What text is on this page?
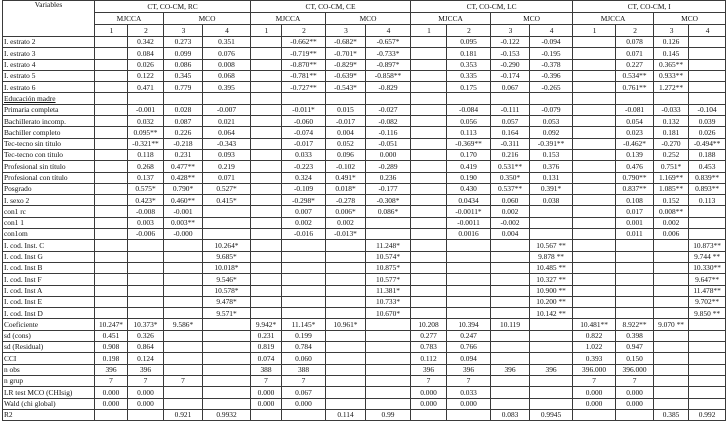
Variables	CT, CO-CM, RC				CT, CO-CM, CE				CT, CO-CM, LC				CT, CO-CM, I			
	MJCCA		MCO		MJCCA		MCO		MJCCA		MCO		MJCCA		MCO	
	1	2	3	4	1	2	3	4	1	2	3	4	1	2	3	4
I. estrato 2		0.342	0.273	0.351		-0.662**	-0.682*	-0.657*		0.095	-0.122	-0.094		0.078	0.126	
I. estrato 3		0.084	0.099	0.076		-0.719**	-0.701*	-0.733*		0.181	-0.153	-0.195		0.071	0.145	
I. estrato 4		0.026	0.086	0.008		-0.870**	-0.829*	-0.897*		0.353	-0.290	-0.378		0.227	0.365**	
I. estrato 5		0.122	0.345	0.068		-0.781**	-0.639*	-0.858**		0.335	-0.174	-0.396		0.534**	0.933**	
I. estrato 6		0.471	0.779	0.395		-0.727**	-0.543*	-0.829		0.175	0.067	-0.265		0.761**	1.272**	
Educación madre																
Primaria completa		-0.001	0.028	-0.007		-0.011*	0.015	-0.027		-0.084	-0.111	-0.079		-0.081	-0.033	-0.104
Bachillerato incomp.		0.032	0.087	0.021		-0.060	-0.017	-0.082		0.056	0.057	0.053		0.054	0.132	0.039
Bachiller completo		0.095**	0.226	0.064		-0.074	0.004	-0.116		0.113	0.164	0.092		0.023	0.181	0.026
Tec-tecno sin titulo		-0.321**	-0.218	-0.343		-0.017	0.052	-0.051		-0.369**	-0.311	-0.391**		-0.462*	-0.270	-0.494**
Tec-tecno con titulo		0.118	0.231	0.093		0.033	0.096	0.000		0.170	0.216	0.153		0.139	0.252	0.188
Profesional sin título		0.268	0.477**	0.219		-0.223	-0.102	-0.289		0.419	0.531**	0.376		0.476	0.751*	0.453
Profesional con título		0.137	0.428**	0.071		0.324	0.491*	0.236		0.190	0.350*	0.131		0.790**	1.169**	0.839**
Posgrado		0.575*	0.790*	0.527*		-0.109	0.018*	-0.177		0.430	0.537**	0.391*		0.837**	1.085**	0.893**
I. sexo 2		0.423*	0.460**	0.415*		-0.298*	-0.278	-0.308*		0.0434	0.060	0.038		0.108	0.152	0.113
con1 rc		-0.008	-0.001			0.007	0.006*	0.086*		-0.0011*	0.002			0.017	0.008**	
con1 1		0.003	0.003**			0.002	0.002			-0.0011	-0.002			0.001	0.002	
con1om		-0.006	-0.000			-0.016	-0.013*			0.0016	0.004			0.011	0.006	
I. cod. Inst. C				10.264*				11.248*				10.567 **				10.873**
I. cod. Inst G				9.685*				10.574*				9.878 **				9.744 **
I. cod. Inst B				10.018*				10.875*				10.485 **				10.330**
I. cod. Inst F				9.546*				10.577*				10.327 **				9.647**
I. cod. Inst A				10.578*				11.381*				10.900 **				11.478**
I. cod. Inst E				9.478*				10.733*				10.200 **				9.702**
I. cod. Inst D				9.571*				10.670*				10.142 **				9.850 **
Coeficiente	10.247*	10.373*	9.586*		9.942*	11.145*	10.961*		10.208	10.394	10.119		10.481**	8.922**	9.070 **	
sd (cons)	0.451	0.326			0.231	0.199			0.277	0.247			0.822	0.398		
sd (Residual)	0.908	0.864			0.819	0.784			0.783	0.766			1.022	0.947		
CCI	0.198	0.124			0.074	0.060			0.112	0.094			0.393	0.150		
n obs	396	396			388	388			396	396	396	396	396.000	396.000		
n grup	7	7	7		7	7			7	7			7	7		
LR test MCO (CHIsig)	0.000	0.000			0.000	0.067			0.000	0.033			0.000	0.000		
Wald (chi global)	0.000	0.000			0.000	0.000			0.000	0.000			0.000	0.000		
R2			0.921	0.9932			0.114	0.99			0.083	0.9945			0.385	0.992
